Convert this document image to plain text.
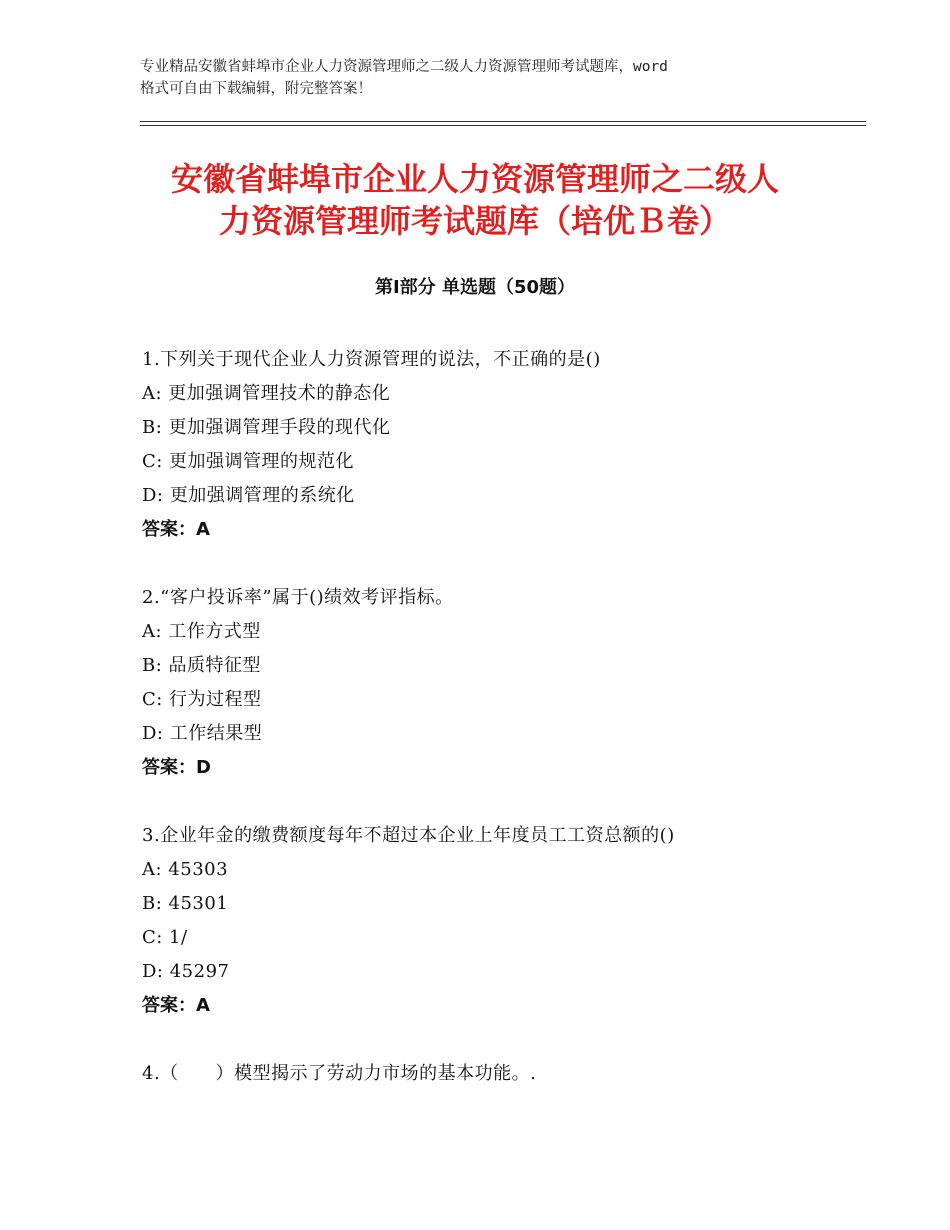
专业精品安徽省蚌埠市企业人力资源管理师之二级人力资源管理师考试题库，word
格式可自由下载编辑，附完整答案！
安徽省蚌埠市企业人力资源管理师之二级人
力资源管理师考试题库（培优Ｂ卷）
第Ⅰ部分 单选题（50题）
1.下列关于现代企业人力资源管理的说法，不正确的是()
A: 更加强调管理技术的静态化
B: 更加强调管理手段的现代化
C: 更加强调管理的规范化
D: 更加强调管理的系统化
答案：A
2.“客户投诉率”属于()绩效考评指标。
A: 工作方式型
B: 品质特征型
C: 行为过程型
D: 工作结果型
答案：D
3.企业年金的缴费额度每年不超过本企业上年度员工工资总额的()
A: 45303
B: 45301
C: 1/
D: 45297
答案：A
4.（　　）模型揭示了劳动力市场的基本功能。.
